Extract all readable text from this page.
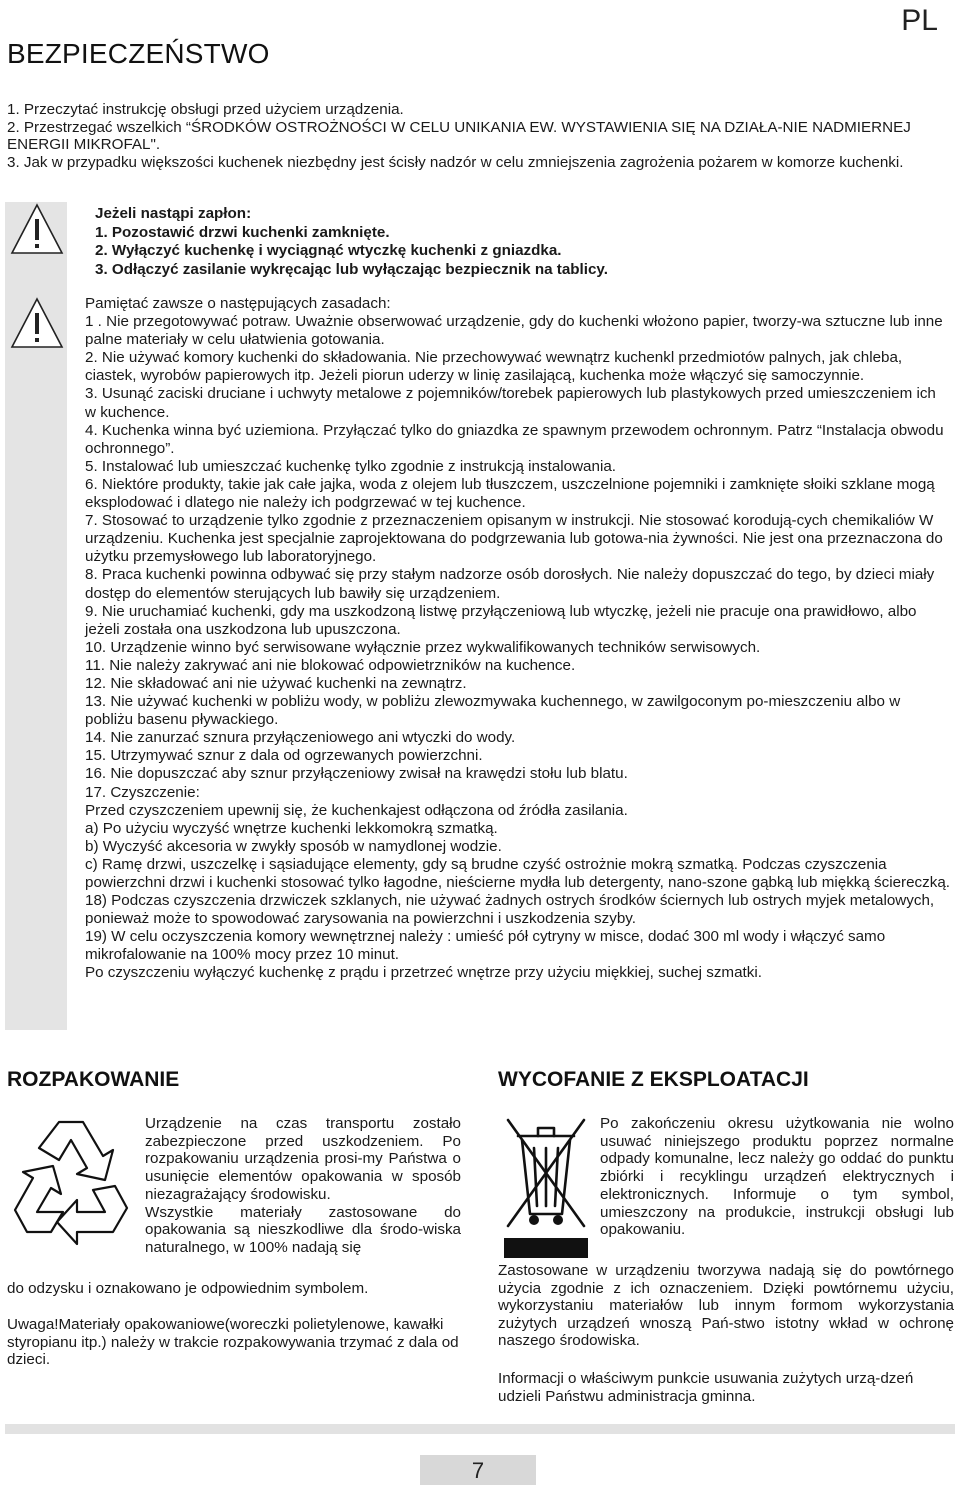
PL
BEZPIECZEŃSTWO
1. Przeczytać instrukcję obsługi przed użyciem urządzenia.
2. Przestrzegać wszelkich “ŚRODKÓW OSTROŻNOŚCI W CELU UNIKANIA EW. WYSTAWIENIA SIĘ NA DZIAŁA-NIE NADMIERNEJ ENERGII MIKROFAL".
3. Jak w przypadku większości kuchenek niezbędny jest ścisły nadzór w celu zmniejszenia zagrożenia pożarem w komorze kuchenki.
Jeżeli nastąpi zapłon:
1. Pozostawić drzwi kuchenki zamknięte.
2. Wyłączyć kuchenkę i wyciągnąć wtyczkę kuchenki z gniazdka.
3. Odłączyć zasilanie wykręcając lub wyłączając bezpiecznik na tablicy.

Pamiętać zawsze o następujących zasadach:

1 . Nie przegotowywać potraw. Uważnie obserwować urządzenie, gdy do kuchenki włożono papier, tworzy-wa sztuczne lub inne palne materiały w celu ułatwienia gotowania.

2. Nie używać komory kuchenki do składowania. Nie przechowywać wewnątrz kuchenkl przedmiotów palnych, jak chleba, ciastek, wyrobów papierowych itp. Jeżeli piorun uderzy w linię zasilającą, kuchenka może włączyć się samoczynnie.

3. Usunąć zaciski druciane i uchwyty metalowe z pojemników/torebek papierowych lub plastykowych przed umieszczeniem ich w kuchence.

4. Kuchenka winna być uziemiona. Przyłączać tylko do gniazdka ze spawnym przewodem ochronnym. Patrz “Instalacja obwodu ochronnego”.

5. Instalować lub umieszczać kuchenkę tylko zgodnie z instrukcją instalowania.

6. Niektóre produkty, takie jak całe jajka, woda z olejem lub tłuszczem, uszczelnione pojemniki i zamknięte słoiki szklane mogą eksplodować i dlatego nie należy ich podgrzewać w tej kuchence.

7. Stosować to urządzenie tylko zgodnie z przeznaczeniem opisanym w instrukcji. Nie stosować korodują-cych chemikaliów W urządzeniu. Kuchenka jest specjalnie zaprojektowana do podgrzewania lub gotowa-nia żywności. Nie jest ona przeznaczona do użytku przemysłowego lub laboratoryjnego.

8. Praca kuchenki powinna odbywać się przy stałym nadzorze osób dorosłych. Nie należy dopuszczać do tego, by dzieci miały dostęp do elementów sterujących lub bawiły się urządzeniem.

9. Nie uruchamiać kuchenki, gdy ma uszkodzoną listwę przyłączeniową lub wtyczkę, jeżeli nie pracuje ona prawidłowo, albo jeżeli została ona uszkodzona lub upuszczona.

10. Urządzenie winno być serwisowane wyłącznie przez wykwalifikowanych techników serwisowych.

11. Nie należy zakrywać ani nie blokować odpowietrzników na kuchence.

12. Nie składować ani nie używać kuchenki na zewnątrz.

13. Nie używać kuchenki w pobliżu wody, w pobliżu zlewozmywaka kuchennego, w zawilgoconym po-mieszczeniu albo w pobliżu basenu pływackiego.

14. Nie zanurzać sznura przyłączeniowego ani wtyczki do wody.

15. Utrzymywać sznur z dala od ogrzewanych powierzchni.

16. Nie dopuszczać aby sznur przyłączeniowy zwisał na krawędzi stołu lub blatu.

17. Czyszczenie:

Przed czyszczeniem upewnij się, że kuchenkajest odłączona od źródła zasilania.

a) Po użyciu wyczyść wnętrze kuchenki lekkomokrą szmatką.

b) Wyczyść akcesoria w zwykły sposób w namydlonej wodzie.

c) Ramę drzwi, uszczelkę i sąsiadujące elementy, gdy są brudne czyść ostrożnie mokrą szmatką. Podczas czyszczenia powierzchni drzwi i kuchenki stosować tylko łagodne, nieścierne mydła lub detergenty, nano-szone gąbką lub miękką ściereczką.

18) Podczas czyszczenia drzwiczek szklanych, nie używać żadnych ostrych środków ściernych lub ostrych myjek metalowych, ponieważ może to spowodować zarysowania na powierzchni i uszkodzenia szyby.

19) W celu oczyszczenia komory wewnętrznej należy : umieść pół cytryny w misce, dodać 300 ml wody i włączyć samo mikrofalowanie na 100% mocy przez 10 minut.

Po czyszczeniu wyłączyć kuchenkę z prądu i przetrzeć wnętrze przy użyciu miękkiej, suchej szmatki.

ROZPAKOWANIE

Urządzenie na czas transportu zostało zabezpieczone przed uszkodzeniem. Po rozpakowaniu urządzenia prosi-my Państwa o usunięcie elementów opakowania w sposób niezagrażający środowisku.

Wszystkie materiały zastosowane do opakowania są nieszkodliwe dla środo-wiska naturalnego, w 100% nadają się

do odzysku i oznakowano je odpowiednim symbolem.
Uwaga!Materiały opakowaniowe(woreczki polietylenowe, kawałki styropianu itp.) należy w trakcie rozpakowywania trzymać z dala od dzieci.
WYCOFANIE Z EKSPLOATACJI
Po zakończeniu okresu użytkowania nie wolno usuwać niniejszego produktu poprzez normalne odpady komunalne, lecz należy go oddać do punktu zbiórki i recyklingu urządzeń elektrycznych i elektronicznych. Informuje o tym symbol, umieszczony na produkcie, instrukcji obsługi lub opakowaniu.
Zastosowane w urządzeniu tworzywa nadają się do powtórnego użycia zgodnie z ich oznaczeniem. Dzięki powtórnemu użyciu, wykorzystaniu materiałów lub innym formom wykorzystania zużytych urządzeń wnoszą Pań-stwo istotny wkład w ochronę naszego środowiska.
Informacji o właściwym punkcie usuwania zużytych urzą-dzeń udzieli Państwu administracja gminna.
7
